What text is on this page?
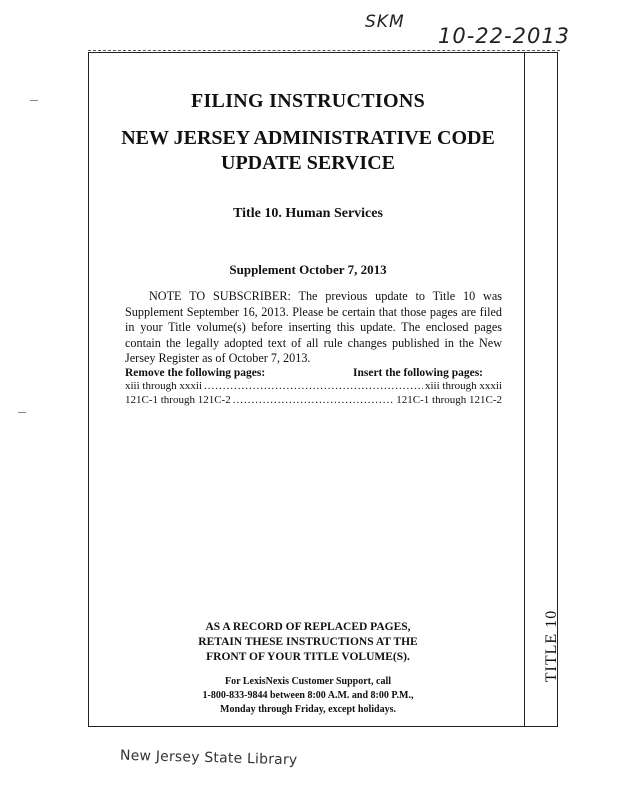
SKM
10-22-2013
TITLE 10
FILING INSTRUCTIONS
NEW JERSEY ADMINISTRATIVE CODE
UPDATE SERVICE
Title 10. Human Services
Supplement October 7, 2013

NOTE TO SUBSCRIBER: The previous update to Title 10 was Supplement September 16, 2013. Please be certain that those pages are filed in your Title volume(s) before inserting this update. The enclosed pages contain the legally adopted text of all rule changes published in the New Jersey Register as of October 7, 2013.

Remove the following pages:	Insert the following pages:
xiii through xxxii .....	xiii through xxxii
121C-1 through 121C-2 .....	121C-1 through 121C-2
AS A RECORD OF REPLACED PAGES,
RETAIN THESE INSTRUCTIONS AT THE
FRONT OF YOUR TITLE VOLUME(S).
For LexisNexis Customer Support, call
1-800-833-9844 between 8:00 A.M. and 8:00 P.M.,
Monday through Friday, except holidays.
New Jersey State Library
